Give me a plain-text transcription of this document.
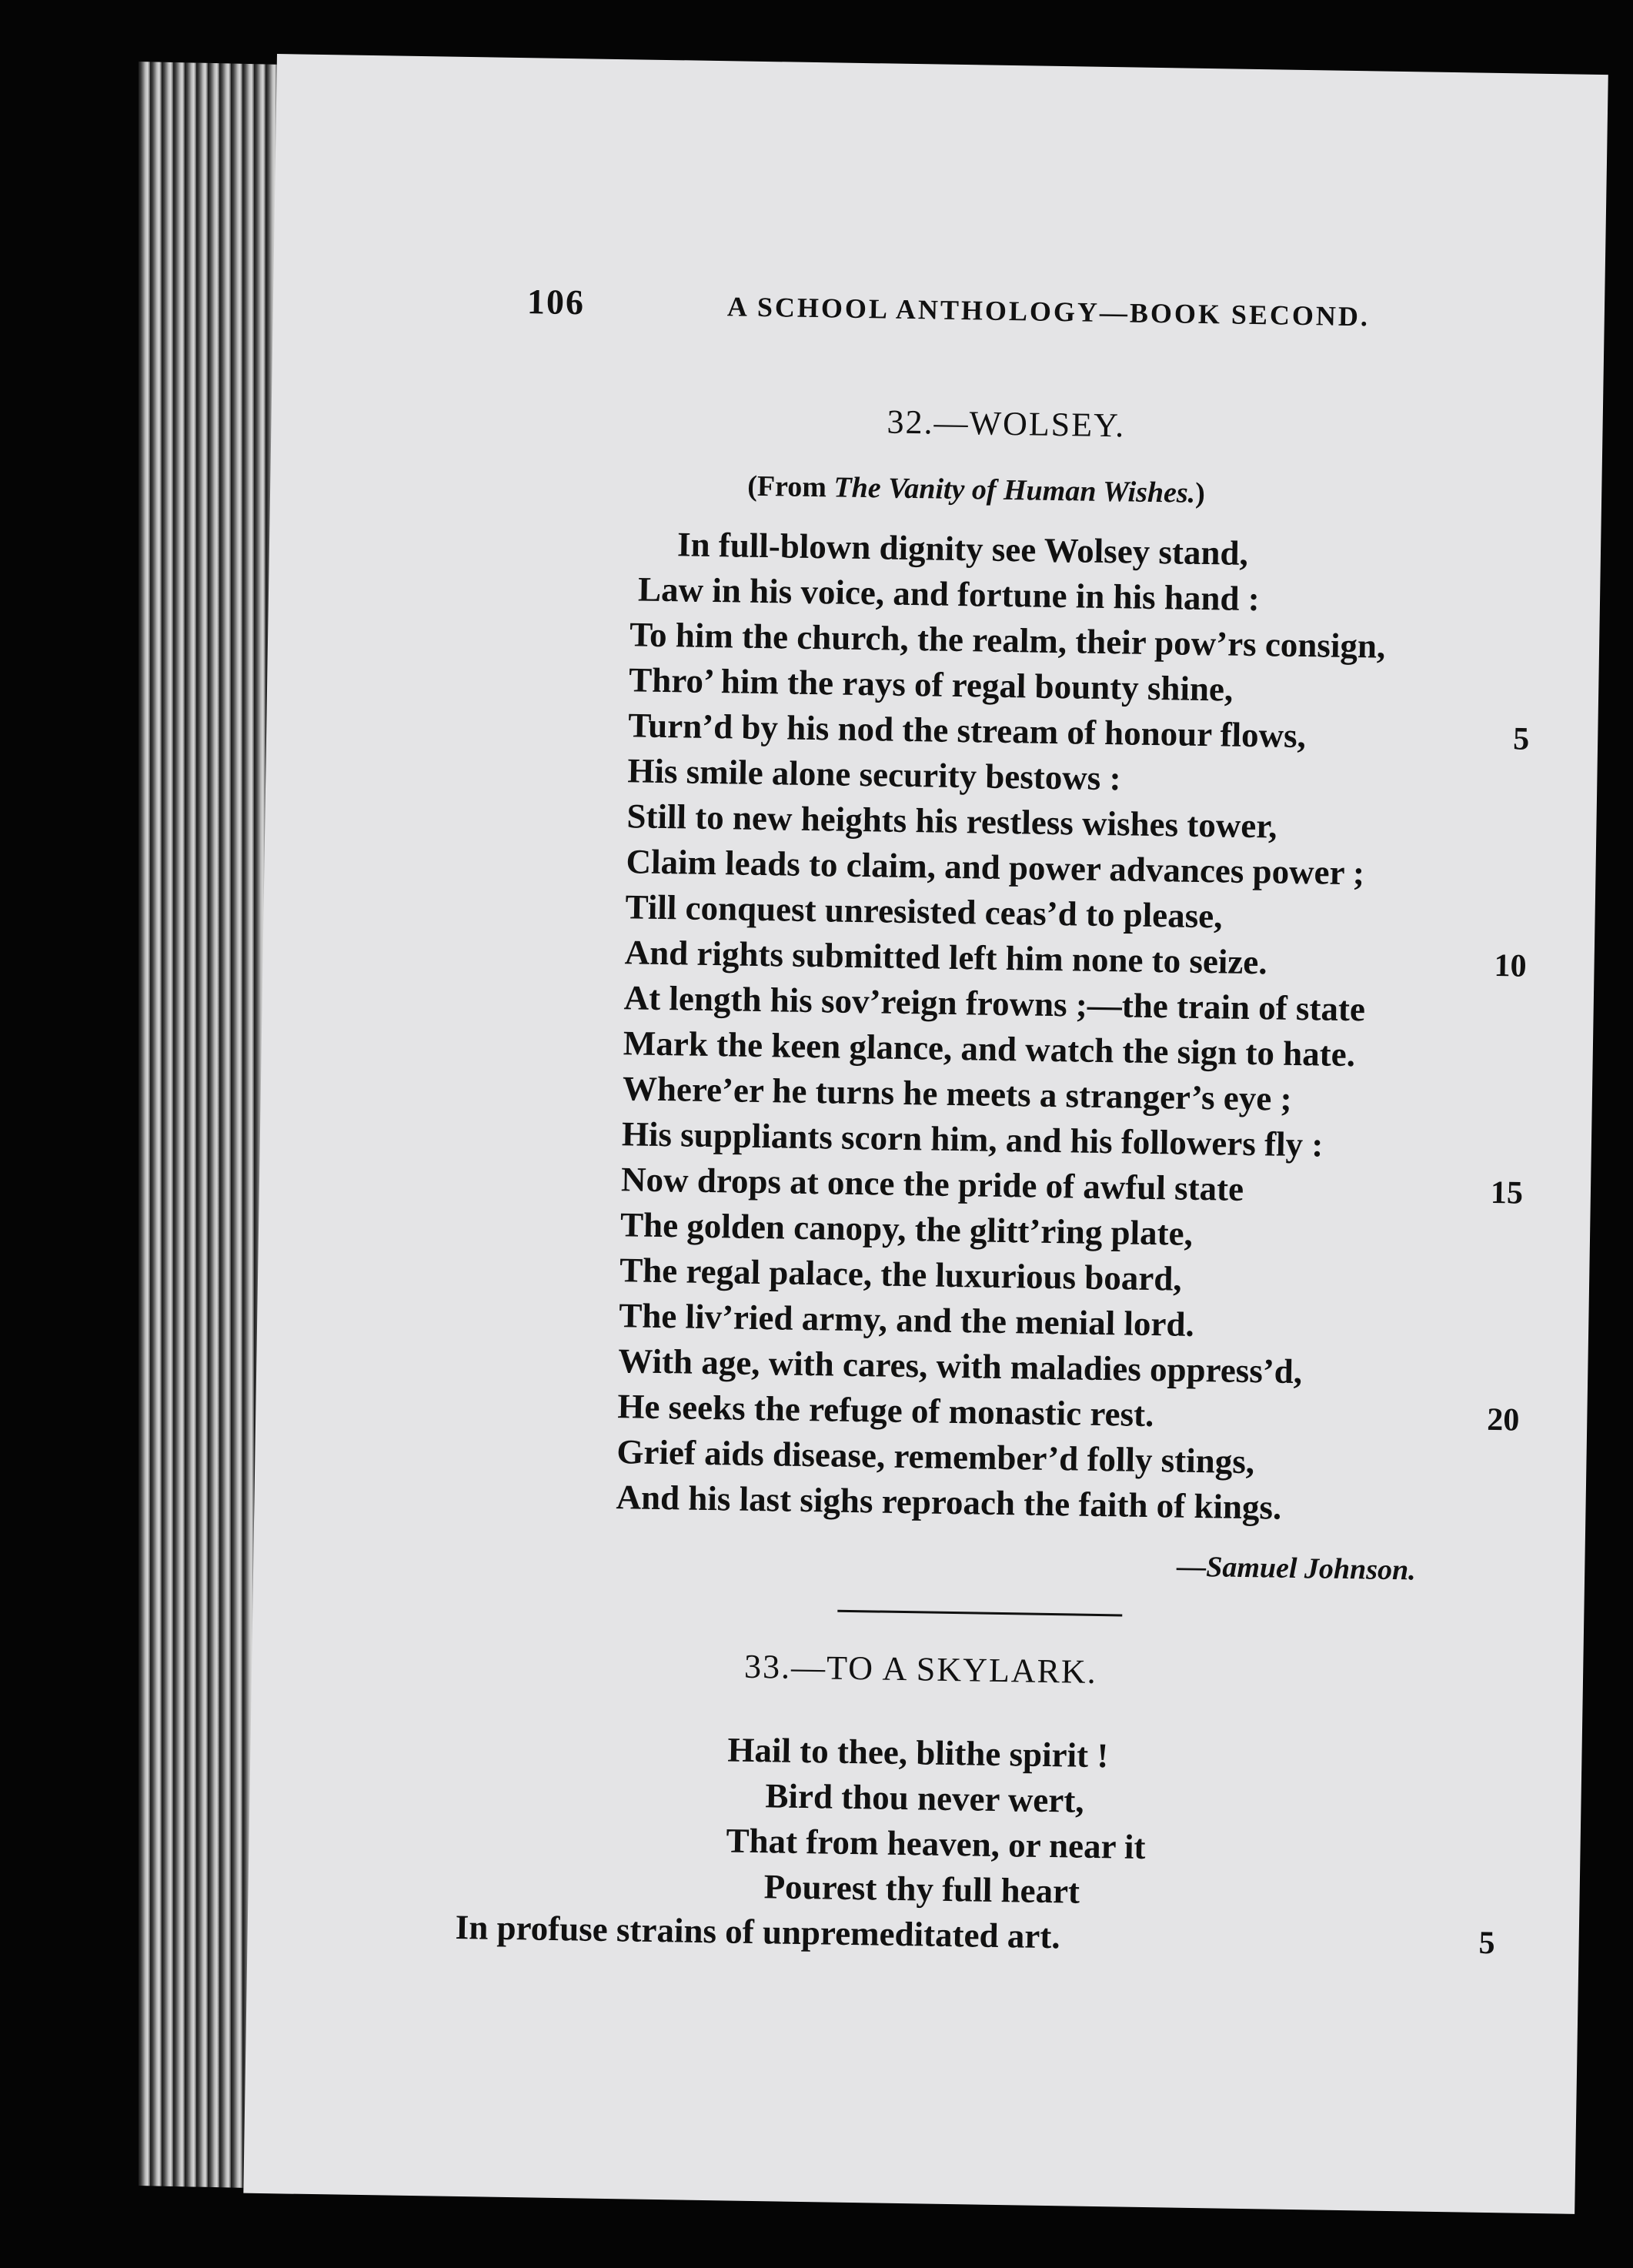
106	A SCHOOL ANTHOLOGY—BOOK SECOND.
32.—WOLSEY.
(From The Vanity of Human Wishes.)
In full-blown dignity see Wolsey stand,
Law in his voice, and fortune in his hand :
To him the church, the realm, their pow’rs consign,
Thro’ him the rays of regal bounty shine,
Turn’d by his nod the stream of honour flows,
His smile alone security bestows :
Still to new heights his restless wishes tower,
Claim leads to claim, and power advances power ;
Till conquest unresisted ceas’d to please,
And rights submitted left him none to seize.
At length his sov’reign frowns ;—the train of state
Mark the keen glance, and watch the sign to hate.
Where’er he turns he meets a stranger’s eye ;
His suppliants scorn him, and his followers fly :
Now drops at once the pride of awful state
The golden canopy, the glitt’ring plate,
The regal palace, the luxurious board,
The liv’ried army, and the menial lord.
With age, with cares, with maladies oppress’d,
He seeks the refuge of monastic rest.
Grief aids disease, remember’d folly stings,
And his last sighs reproach the faith of kings.
5
10
15
20
—Samuel Johnson.
33.—TO A SKYLARK.
Hail to thee, blithe spirit !
Bird thou never wert,
That from heaven, or near it
Pourest thy full heart
In profuse strains of unpremeditated art.	5
